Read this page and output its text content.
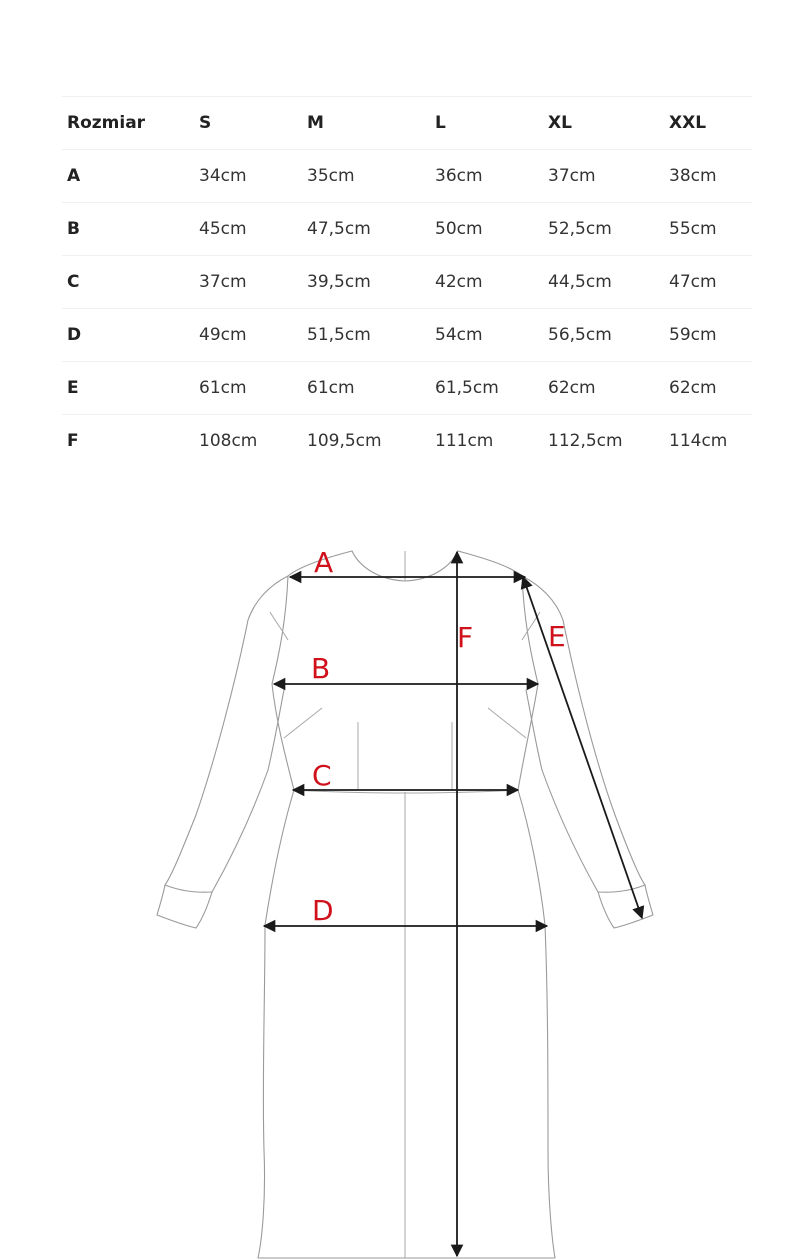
Rozmiar	S	M	L	XL	XXL
A	34cm	35cm	36cm	37cm	38cm
B	45cm	47,5cm	50cm	52,5cm	55cm
C	37cm	39,5cm	42cm	44,5cm	47cm
D	49cm	51,5cm	54cm	56,5cm	59cm
E	61cm	61cm	61,5cm	62cm	62cm
F	108cm	109,5cm	111cm	112,5cm	114cm
A
B
C
D
E
F
